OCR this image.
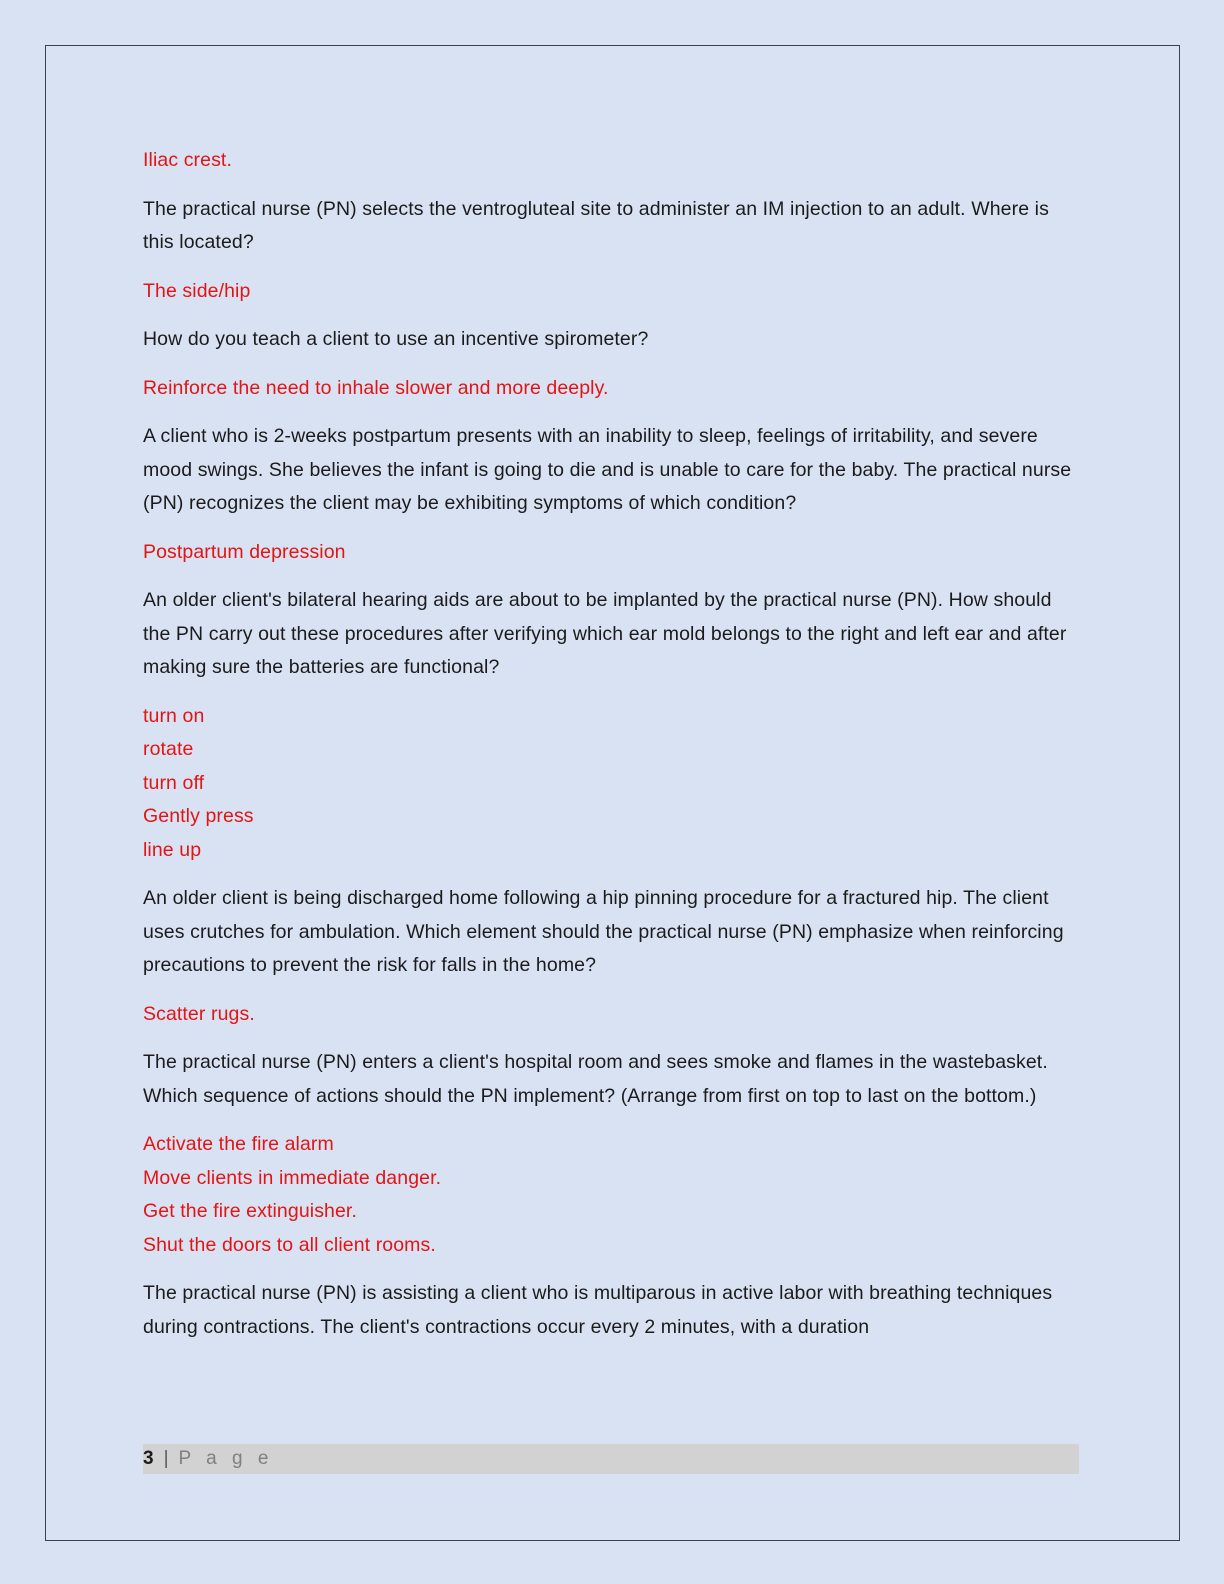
Iliac crest.

The practical nurse (PN) selects the ventrogluteal site to administer an IM injection to an adult. Where is this located?

The side/hip

How do you teach a client to use an incentive spirometer?

Reinforce the need to inhale slower and more deeply.

A client who is 2-weeks postpartum presents with an inability to sleep, feelings of irritability, and severe mood swings. She believes the infant is going to die and is unable to care for the baby. The practical nurse (PN) recognizes the client may be exhibiting symptoms of which condition?

Postpartum depression

An older client's bilateral hearing aids are about to be implanted by the practical nurse (PN). How should the PN carry out these procedures after verifying which ear mold belongs to the right and left ear and after making sure the batteries are functional?

turn on
rotate
turn off
Gently press
line up

An older client is being discharged home following a hip pinning procedure for a fractured hip. The client uses crutches for ambulation. Which element should the practical nurse (PN) emphasize when reinforcing precautions to prevent the risk for falls in the home?

Scatter rugs.

The practical nurse (PN) enters a client's hospital room and sees smoke and flames in the wastebasket. Which sequence of actions should the PN implement? (Arrange from first on top to last on the bottom.)

Activate the fire alarm
Move clients in immediate danger.
Get the fire extinguisher.
Shut the doors to all client rooms.

The practical nurse (PN) is assisting a client who is multiparous in active labor with breathing techniques during contractions. The client's contractions occur every 2 minutes, with a duration

3 | P a g e
